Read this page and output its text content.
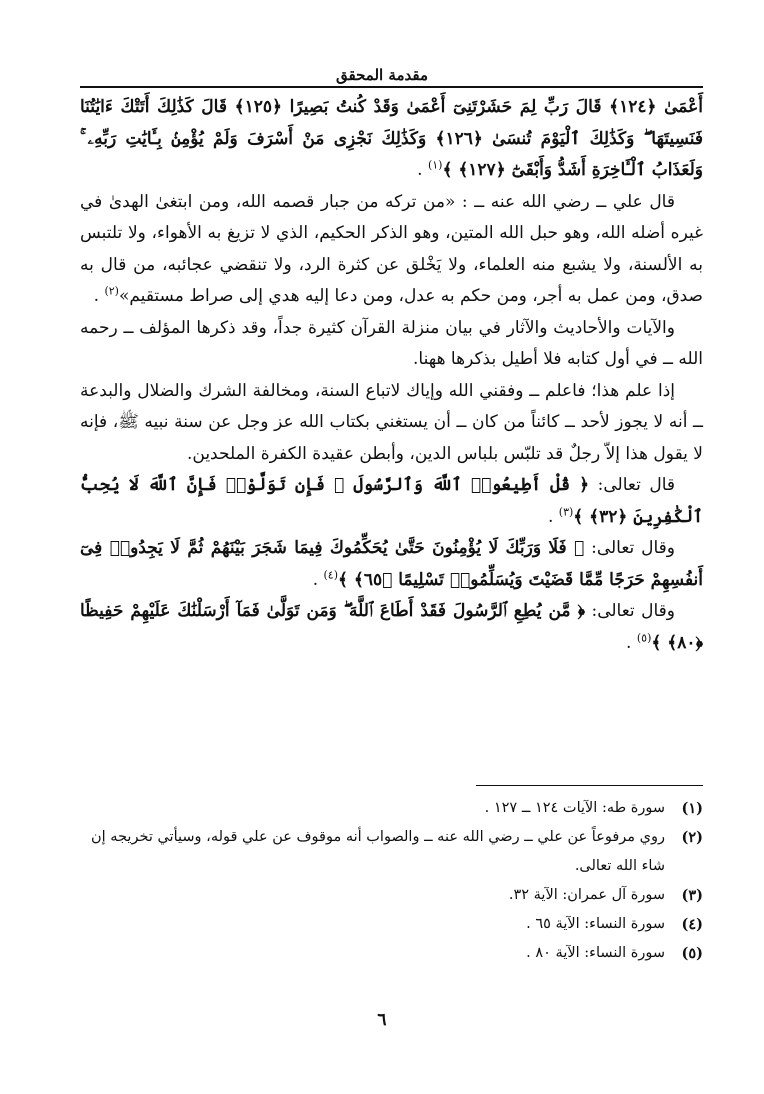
مقدمة المحقق

أَعْمَىٰ ﴿١٢٤﴾ قَالَ رَبِّ لِمَ حَشَرْتَنِىٓ أَعْمَىٰ وَقَدْ كُنتُ بَصِيرًا ﴿١٢٥﴾ قَالَ كَذَٰلِكَ أَتَتْكَ ءَايَٰتُنَا فَنَسِيتَهَا ۖ وَكَذَٰلِكَ ٱلْيَوْمَ تُنسَىٰ ﴿١٢٦﴾ وَكَذَٰلِكَ نَجْزِى مَنْ أَسْرَفَ وَلَمْ يُؤْمِنۢ بِـَٔايَٰتِ رَبِّهِۦ ۚ وَلَعَذَابُ ٱلْـَٔاخِرَةِ أَشَدُّ وَأَبْقَىٰٓ ﴿١٢٧﴾ ﴾$^{(١)}$ .

قال علي ــ رضي الله عنه ــ : «من تركه من جبار قصمه الله، ومن ابتغىٰ الهدىٰ في غيره أضله الله، وهو حبل الله المتين، وهو الذكر الحكيم، الذي لا تزيغ به الأهواء، ولا تلتبس به الألسنة، ولا يشبع منه العلماء، ولا يَخْلق عن كثرة الرد، ولا تنقضي عجائبه، من قال به صدق، ومن عمل به أجر، ومن حكم به عدل، ومن دعا إليه هدي إلى صراط مستقيم»$^{(٢)}$ .

والآيات والأحاديث والآثار في بيان منزلة القرآن كثيرة جداً، وقد ذكرها المؤلف ــ رحمه الله ــ في أول كتابه فلا أطيل بذكرها ههنا.

إذا علم هذا؛ فاعلم ــ وفقني الله وإياك لاتباع السنة، ومخالفة الشرك والضلال والبدعة ــ أنه لا يجوز لأحد ــ كائناً من كان ــ أن يستغني بكتاب الله عز وجل عن سنة نبيه ﷺ، فإنه لا يقول هذا إلاّ رجلٌ قد تلبّس بلباس الدين، وأبطن عقيدة الكفرة الملحدين.

قال تعالى: ﴿ قُلْ أَطِيعُوا۟ ٱللَّهَ وَٱلرَّسُولَ ۖ فَإِن تَوَلَّوْا۟ فَإِنَّ ٱللَّهَ لَا يُحِبُّ ٱلْكَٰفِرِينَ ﴿٣٢﴾ ﴾$^{(٣)}$ .

وقال تعالى: ﴿ فَلَا وَرَبِّكَ لَا يُؤْمِنُونَ حَتَّىٰ يُحَكِّمُوكَ فِيمَا شَجَرَ بَيْنَهُمْ ثُمَّ لَا يَجِدُوا۟ فِىٓ أَنفُسِهِمْ حَرَجًا مِّمَّا قَضَيْتَ وَيُسَلِّمُوا۟ تَسْلِيمًا ﴿٦٥﴾ ﴾$^{(٤)}$ .

وقال تعالى: ﴿ مَّن يُطِعِ ٱلرَّسُولَ فَقَدْ أَطَاعَ ٱللَّهَ ۖ وَمَن تَوَلَّىٰ فَمَآ أَرْسَلْنَٰكَ عَلَيْهِمْ حَفِيظًا ﴿٨٠﴾ ﴾$^{(٥)}$ .

(١)
سورة طه: الآيات ١٢٤ ــ ١٢٧ .
(٢)
روي مرفوعاً عن علي ــ رضي الله عنه ــ والصواب أنه موقوف عن علي قوله، وسيأتي تخريجه إن شاء الله تعالى.
(٣)
سورة آل عمران: الآية ٣٢.
(٤)
سورة النساء: الآية ٦٥ .
(٥)
سورة النساء: الآية ٨٠ .
٦
